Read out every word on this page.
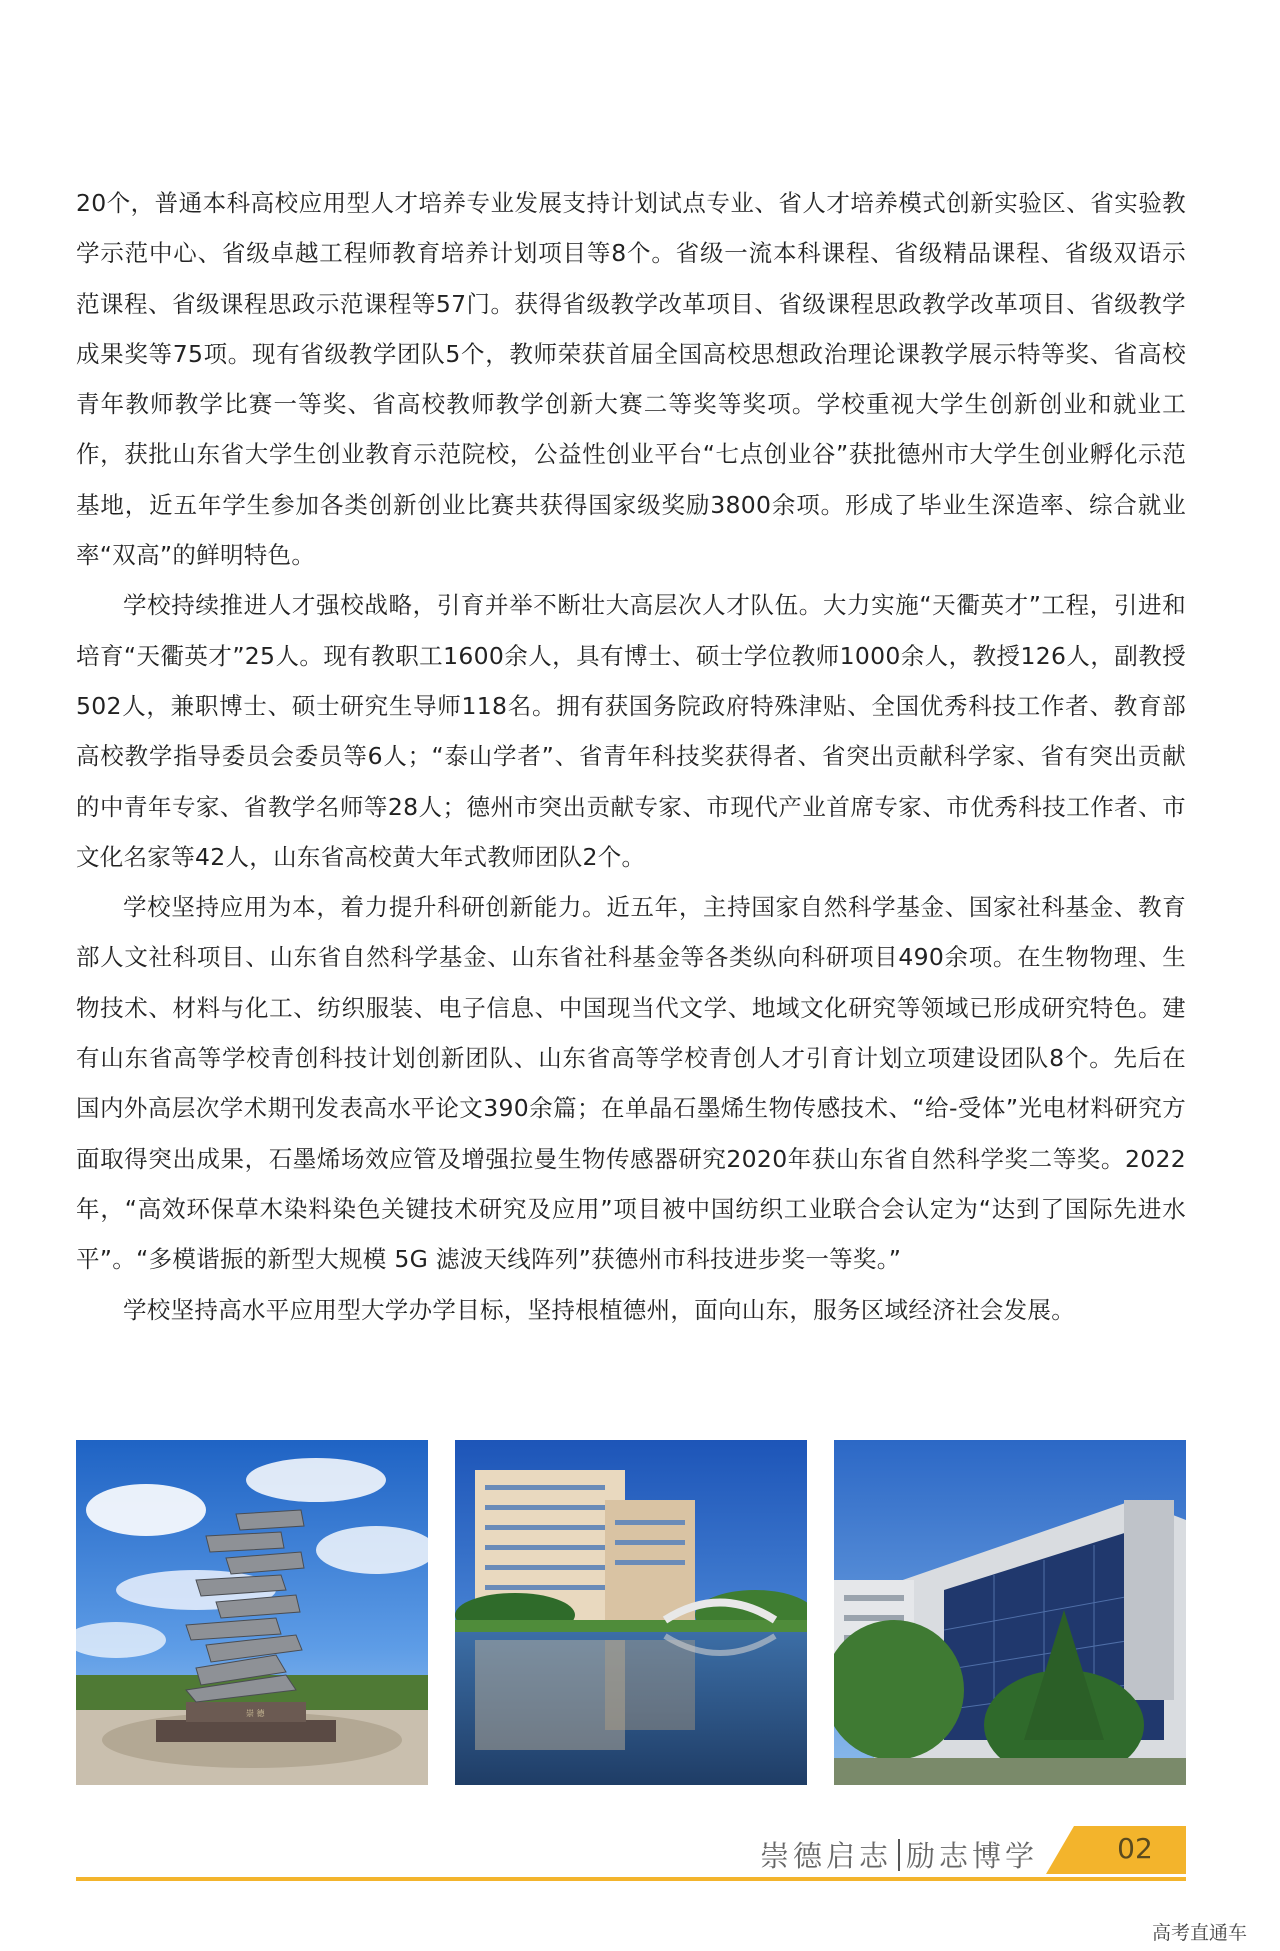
20个，普通本科高校应用型人才培养专业发展支持计划试点专业、省人才培养模式创新实验区、省实验教学示范中心、省级卓越工程师教育培养计划项目等8个。省级一流本科课程、省级精品课程、省级双语示范课程、省级课程思政示范课程等57门。获得省级教学改革项目、省级课程思政教学改革项目、省级教学成果奖等75项。现有省级教学团队5个，教师荣获首届全国高校思想政治理论课教学展示特等奖、省高校青年教师教学比赛一等奖、省高校教师教学创新大赛二等奖等奖项。学校重视大学生创新创业和就业工作，获批山东省大学生创业教育示范院校，公益性创业平台“七点创业谷”获批德州市大学生创业孵化示范基地，近五年学生参加各类创新创业比赛共获得国家级奖励3800余项。形成了毕业生深造率、综合就业率“双高”的鲜明特色。

学校持续推进人才强校战略，引育并举不断壮大高层次人才队伍。大力实施“天衢英才”工程，引进和培育“天衢英才”25人。现有教职工1600余人，具有博士、硕士学位教师1000余人，教授126人，副教授502人，兼职博士、硕士研究生导师118名。拥有获国务院政府特殊津贴、全国优秀科技工作者、教育部高校教学指导委员会委员等6人；“泰山学者”、省青年科技奖获得者、省突出贡献科学家、省有突出贡献的中青年专家、省教学名师等28人；德州市突出贡献专家、市现代产业首席专家、市优秀科技工作者、市文化名家等42人，山东省高校黄大年式教师团队2个。

学校坚持应用为本，着力提升科研创新能力。近五年，主持国家自然科学基金、国家社科基金、教育部人文社科项目、山东省自然科学基金、山东省社科基金等各类纵向科研项目490余项。在生物物理、生物技术、材料与化工、纺织服装、电子信息、中国现当代文学、地域文化研究等领域已形成研究特色。建有山东省高等学校青创科技计划创新团队、山东省高等学校青创人才引育计划立项建设团队8个。先后在国内外高层次学术期刊发表高水平论文390余篇；在单晶石墨烯生物传感技术、“给-受体”光电材料研究方面取得突出成果，石墨烯场效应管及增强拉曼生物传感器研究2020年获山东省自然科学奖二等奖。2022年，“高效环保草木染料染色关键技术研究及应用”项目被中国纺织工业联合会认定为“达到了国际先进水平”。“多模谐振的新型大规模 5G 滤波天线阵列”获德州市科技进步奖一等奖。”

学校坚持高水平应用型大学办学目标，坚持根植德州，面向山东，服务区域经济社会发展。

崇 德
崇德启志 励志博学	02
高考直通车
